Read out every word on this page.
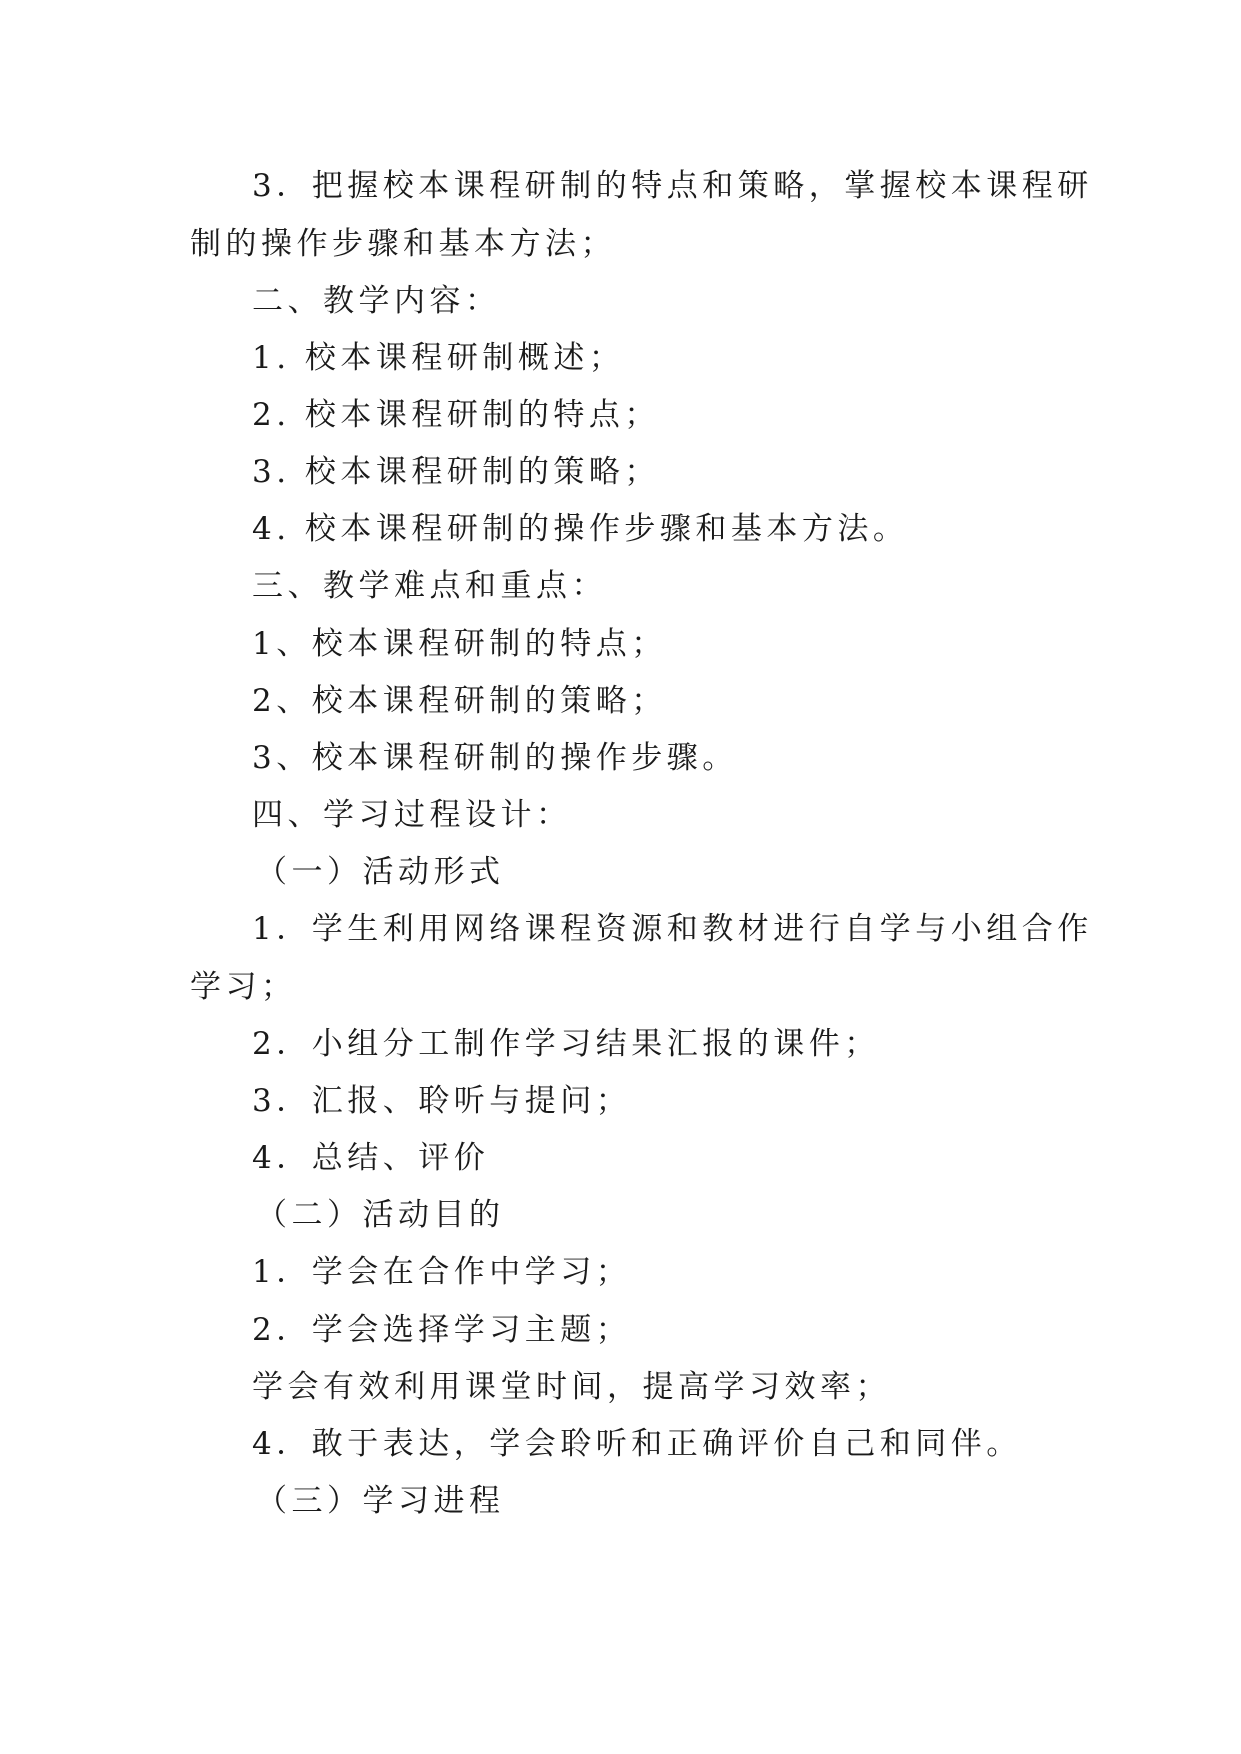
3．把握校本课程研制的特点和策略，掌握校本课程研
制的操作步骤和基本方法；
二、教学内容：
1. 校本课程研制概述；
2. 校本课程研制的特点；
3. 校本课程研制的策略；
4. 校本课程研制的操作步骤和基本方法。
三、教学难点和重点：
1、校本课程研制的特点；
2、校本课程研制的策略；
3、校本课程研制的操作步骤。
四、学习过程设计：
（一）活动形式
1．学生利用网络课程资源和教材进行自学与小组合作
学习；
2．小组分工制作学习结果汇报的课件；
3．汇报、聆听与提问；
4．总结、评价
（二）活动目的
1．学会在合作中学习；
2．学会选择学习主题；
学会有效利用课堂时间，提高学习效率；
4．敢于表达，学会聆听和正确评价自己和同伴。
（三）学习进程
